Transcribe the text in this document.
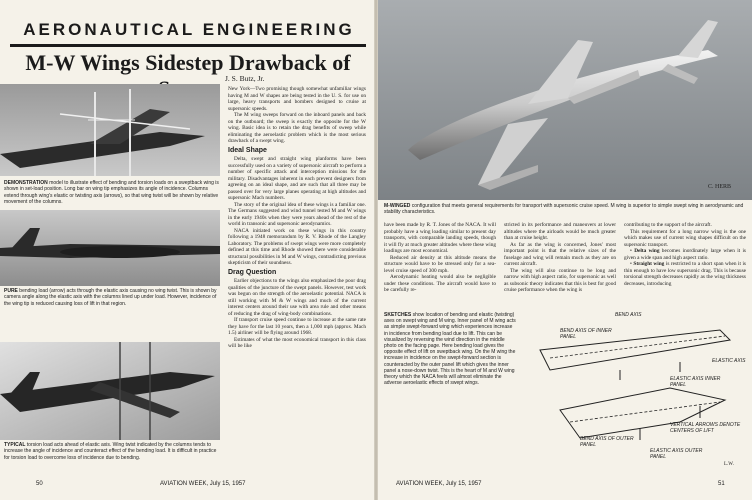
AERONAUTICAL ENGINEERING
M-W Wings Sidestep Drawback of
J. S. Butz, Jr.
DEMONSTRATION model to illustrate effect of bending and torsion loads on a sweptback wing is shown in set-load position. Long bar on wing tip emphasizes its angle of incidence. Columns extend through wing's elastic or twisting axis (arrows), so that wing twist will be shown by relative movement of the columns.
PURE bending load (arrow) acts through the elastic axis causing no wing twist. This is shown by camera angle along the elastic axis with the columns lined up under load. However, incidence of the wing tip is reduced causing loss of lift in that region.
TYPICAL torsion load acts ahead of elastic axis. Wing twist indicated by the columns tends to increase the angle of incidence and counteract effect of the bending load. It is difficult in practice for torsion load to overcome loss of incidence due to bending.

New York—Two promising though somewhat unfamiliar wings having M and W shapes are being tested in the U. S. for use on large, heavy transports and bombers designed to cruise at supersonic speeds.

The M wing sweeps forward on the inboard panels and back on the outboard; the sweep is exactly the opposite for the W wing. Basic idea is to retain the drag benefits of sweep while eliminating the aeroelastic problem which is the most serious drawback of a swept wing.

Ideal Shape

Delta, swept and straight wing planforms have been successfully used on a variety of supersonic aircraft to perform a number of specific attack and interception missions for the military. Disadvantages inherent in each prevent designers from agreeing on an ideal shape, and are such that all three may be passed over for very large planes operating at high altitudes and supersonic Mach numbers.

The story of the original idea of these wings is a familiar one. The Germans suggested and wind tunnel tested M and W wings in the early 1940s when they were years ahead of the rest of the world in transonic and supersonic aerodynamics.

NACA initiated work on these wings in this country following a 1948 memorandum by R. V. Rhode of the Langley Laboratory. The problems of swept wings were more completely defined at this time and Rhode showed there were considerable structural possibilities in M and W wings, contradicting previous skepticism of their soundness.

Drag Question

Earlier objections to the wings also emphasized the poor drag qualities of the juncture of the swept panels. However, test work was begun on the strength of the aeroelastic potential. NACA is still working with M & W wings and much of the current interest centers around their use with area rule and other means of reducing the drag of wing-body combinations.

If transport cruise speed continue to increase at the same rate they have for the last 10 years, then a 1,000 mph (approx. Mach 1.5) airliner will be flying around 1968.

Estimates of what the most economical transport in this class will be like

50	AVIATION WEEK, July 15, 1957
C. HERB
M-WINGED configuration that meets general requirements for transport with supersonic cruise speed. M wing is superior to simple swept wing in aerodynamic and stability characteristics.

have been made by R. T. Jones of the NACA. It will probably have a wing loading similar to present day transports, with comparable landing speeds, though it will fly at much greater altitudes where these wing loadings are most economical.

Reduced air density at this altitude means the structure would have to be stressed only for a sea-level cruise speed of 300 mph.

Aerodynamic heating would also be negligible under these conditions. The aircraft would have to be carefully re-

stricted in its performance and maneuvers at lower altitudes where the airloads would be much greater than at cruise height.

As far as the wing is concerned, Jones' most important point is that the relative sizes of the fuselage and wing will remain much as they are on current aircraft.

The wing will also continue to be long and narrow with high aspect ratio, for supersonic as well as subsonic theory indicates that this is best for good cruise performance when the wing is

contributing to the support of the aircraft.

This requirement for a long narrow wing is the one which makes use of current wing shapes difficult on the supersonic transport.

• Delta wing becomes inordinately large when it is given a wide span and high aspect ratio.

• Straight wing is restricted to a short span when it is thin enough to have low supersonic drag. This is because torsional strength decreases rapidly as the wing thickness decreases, introducing

SKETCHES show location of bending and elastic (twisting) axes on swept wing and M wing. Inner panel of M wing acts as simple swept-forward wing which experiences increase in incidence from bending load due to lift. This can be visualized by reversing the wind direction in the middle photo on the facing page. Here bending load gives the opposite effect of lift on sweptback wing. On the M wing the increase in incidence on the swept-forward section is counteracted by the outer panel lift which gives the inner panel a nose-down twist. This is the heart of M and W wing theory which the NACA feels will almost eliminate the adverse aeroelastic effects of swept wings.
BEND AXIS
BEND AXIS OF INNER PANEL
ELASTIC AXIS
ELASTIC AXIS INNER PANEL
VERTICAL ARROWS DENOTE CENTERS OF LIFT
BEND AXIS OF OUTER PANEL
ELASTIC AXIS OUTER PANEL
L.W.
AVIATION WEEK, July 15, 1957	51
